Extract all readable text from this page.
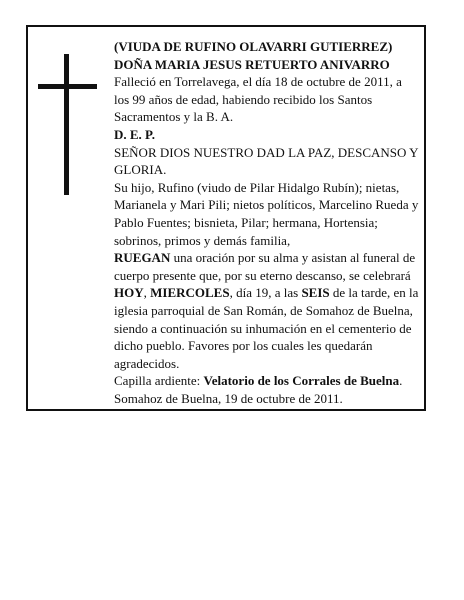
(VIUDA DE RUFINO OLAVARRI GUTIERREZ)

DOÑA MARIA JESUS RETUERTO ANIVARRO

Falleció en Torrelavega, el día 18 de octubre de 2011, a los 99 años de edad, habiendo recibido los Santos Sacramentos y la B. A.

D. E. P.

SEÑOR DIOS NUESTRO DAD LA PAZ, DESCANSO Y GLORIA.

Su hijo, Rufino (viudo de Pilar Hidalgo Rubín); nietas, Marianela y Mari Pili; nietos políticos, Marcelino Rueda y Pablo Fuentes; bisnieta, Pilar; hermana, Hortensia; sobrinos, primos y demás familia,

RUEGAN una oración por su alma y asistan al funeral de cuerpo presente que, por su eterno descanso, se celebrará HOY, MIERCOLES, día 19, a las SEIS de la tarde, en la iglesia parroquial de San Román, de Somahoz de Buelna, siendo a continuación su inhumación en el cementerio de dicho pueblo. Favores por los cuales les quedarán agradecidos.

Capilla ardiente: Velatorio de los Corrales de Buelna.

Somahoz de Buelna, 19 de octubre de 2011.
